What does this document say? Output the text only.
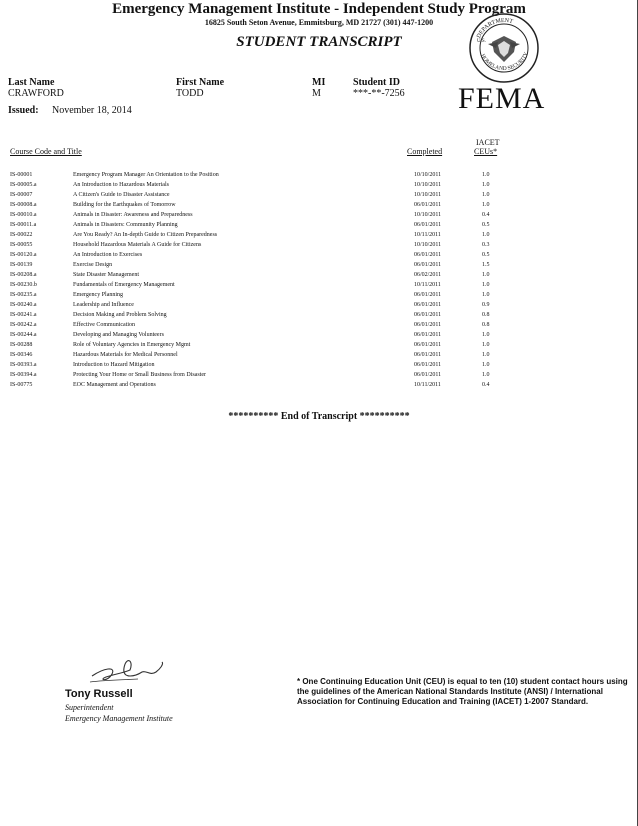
Emergency Management Institute - Independent Study Program
16825 South Seton Avenue, Emmitsburg, MD 21727 (301) 447-1200
STUDENT TRANSCRIPT	DEPARTMENT
HOMELAND SECURITY
U.S.
FEMA
Last Name
CRAWFORD
First Name
TODD
MI
M
Student ID
***-**-7256
Issued: November 18, 2014
Course Code and Title	Completed
IACET
CEUs*
IS-00001	Emergency Program Manager An Orientation to the Position	10/10/2011	1.0
IS-00005.a	An Introduction to Hazardous Materials	10/10/2011	1.0
IS-00007	A Citizen's Guide to Disaster Assistance	10/10/2011	1.0
IS-00008.a	Building for the Earthquakes of Tomorrow	06/01/2011	1.0
IS-00010.a	Animals in Disaster: Awareness and Preparedness	10/10/2011	0.4
IS-00011.a	Animals in Disasters: Community Planning	06/01/2011	0.5
IS-00022	Are You Ready? An In-depth Guide to Citizen Preparedness	10/11/2011	1.0
IS-00055	Household Hazardous Materials A Guide for Citizens	10/10/2011	0.3
IS-00120.a	An Introduction to Exercises	06/01/2011	0.5
IS-00139	Exercise Design	06/01/2011	1.5
IS-00208.a	State Disaster Management	06/02/2011	1.0
IS-00230.b	Fundamentals of Emergency Management	10/11/2011	1.0
IS-00235.a	Emergency Planning	06/01/2011	1.0
IS-00240.a	Leadership and Influence	06/01/2011	0.9
IS-00241.a	Decision Making and Problem Solving	06/01/2011	0.8
IS-00242.a	Effective Communication	06/01/2011	0.8
IS-00244.a	Developing and Managing Volunteers	06/01/2011	1.0
IS-00288	Role of Voluntary Agencies in Emergency Mgmt	06/01/2011	1.0
IS-00346	Hazardous Materials for Medical Personnel	06/01/2011	1.0
IS-00393.a	Introduction to Hazard Mitigation	06/01/2011	1.0
IS-00394.a	Protecting Your Home or Small Business from Disaster	06/01/2011	1.0
IS-00775	EOC Management and Operations	10/11/2011	0.4
********** End of Transcript **********
Tony Russell
Superintendent
Emergency Management Institute
* One Continuing Education Unit (CEU) is equal to ten (10) student contact hours using the guidelines of the American National Standards Institute (ANSI) / International Association for Continuing Education and Training (IACET) 1-2007 Standard.
